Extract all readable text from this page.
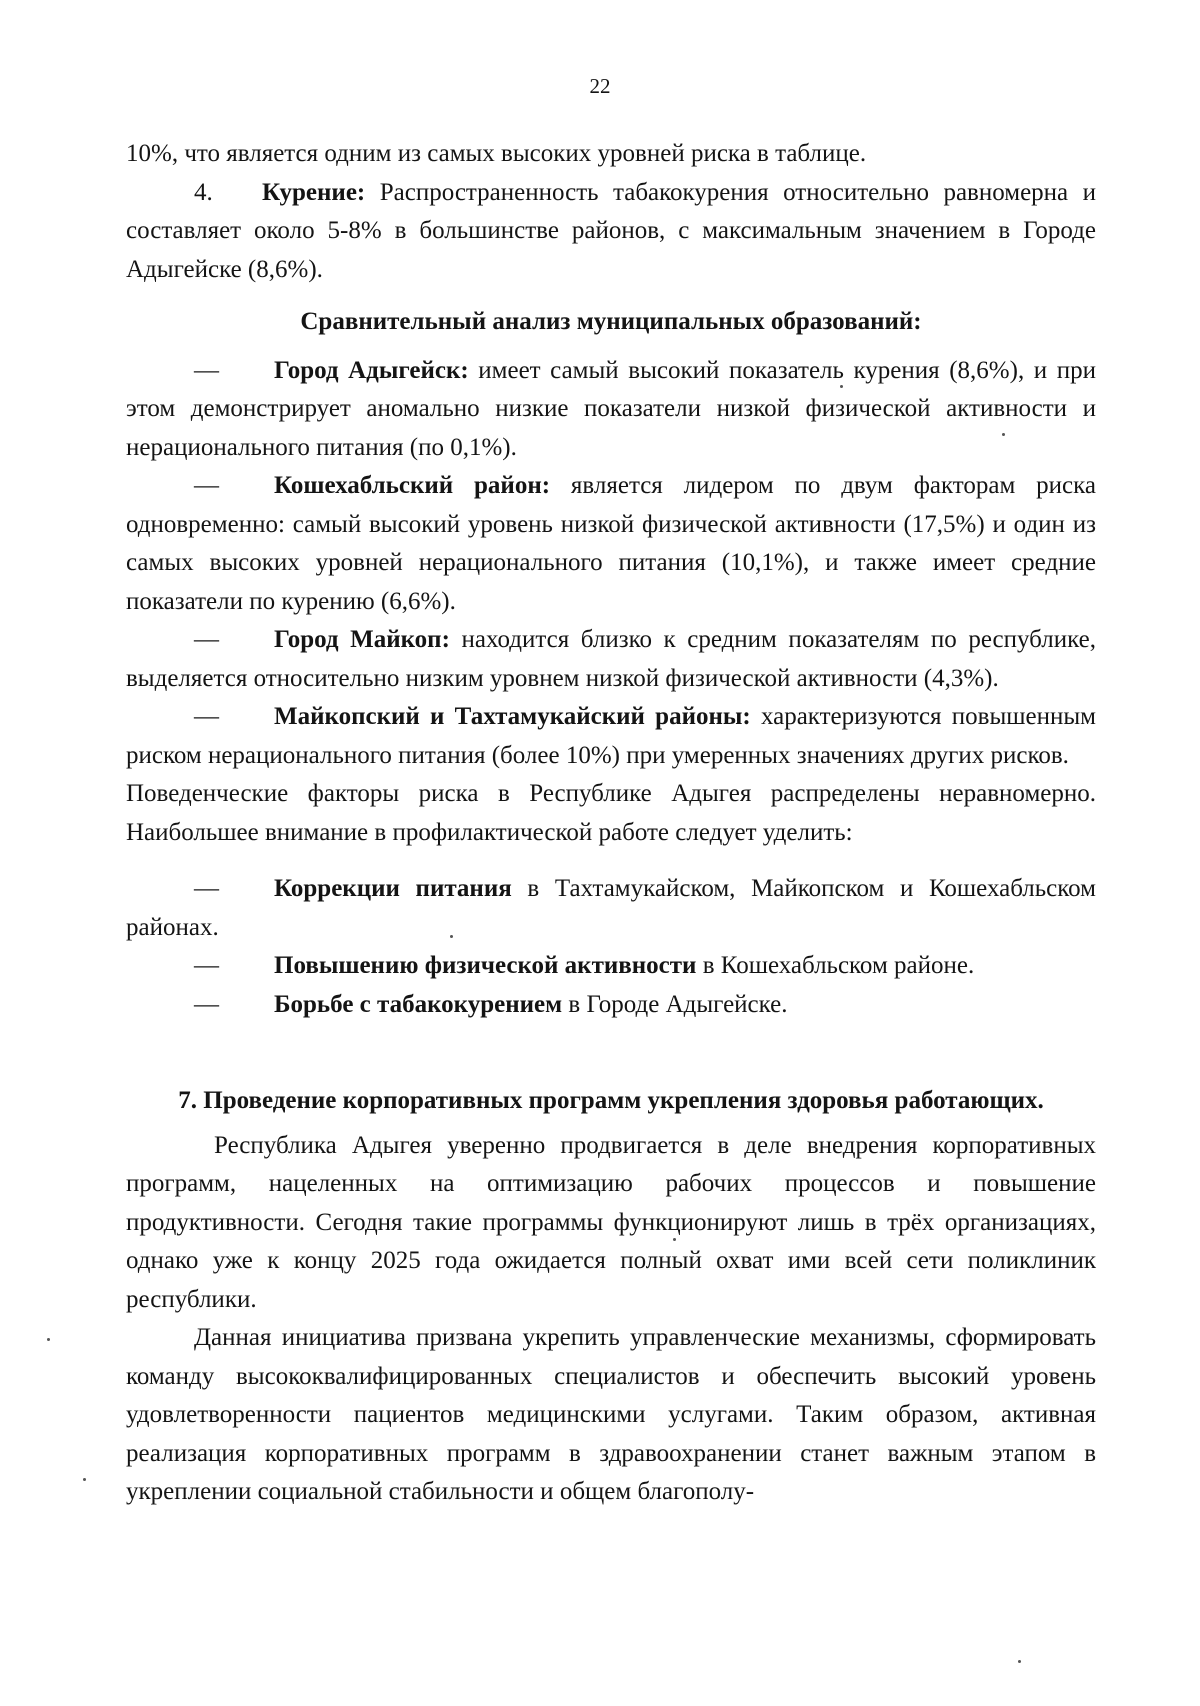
22

10%, что является одним из самых высоких уровней риска в таблице.

4. Курение: Распространенность табакокурения относительно равномерна и составляет около 5-8% в большинстве районов, с максимальным значением в Городе Адыгейске (8,6%).

Сравнительный анализ муниципальных образований:

— Город Адыгейск: имеет самый высокий показатель курения (8,6%), и при этом демонстрирует аномально низкие показатели низкой физической активности и нерационального питания (по 0,1%).

— Кошехабльский район: является лидером по двум факторам риска одновременно: самый высокий уровень низкой физической активности (17,5%) и один из самых высоких уровней нерационального питания (10,1%), и также имеет средние показатели по курению (6,6%).

— Город Майкоп: находится близко к средним показателям по республике, выделяется относительно низким уровнем низкой физической активности (4,3%).

— Майкопский и Тахтамукайский районы: характеризуются повышенным риском нерационального питания (более 10%) при умеренных значениях других рисков.

Поведенческие факторы риска в Республике Адыгея распределены неравномерно. Наибольшее внимание в профилактической работе следует уделить:

— Коррекции питания в Тахтамукайском, Майкопском и Кошехабльском районах.

— Повышению физической активности в Кошехабльском районе.

— Борьбе с табакокурением в Городе Адыгейске.

7. Проведение корпоративных программ укрепления здоровья работающих.

Республика Адыгея уверенно продвигается в деле внедрения корпоративных программ, нацеленных на оптимизацию рабочих процессов и повышение продуктивности. Сегодня такие программы функционируют лишь в трёх организациях, однако уже к концу 2025 года ожидается полный охват ими всей сети поликлиник республики.

Данная инициатива призвана укрепить управленческие механизмы, сформировать команду высококвалифицированных специалистов и обеспечить высокий уровень удовлетворенности пациентов медицинскими услугами. Таким образом, активная реализация корпоративных программ в здравоохранении станет важным этапом в укреплении социальной стабильности и общем благополу-
